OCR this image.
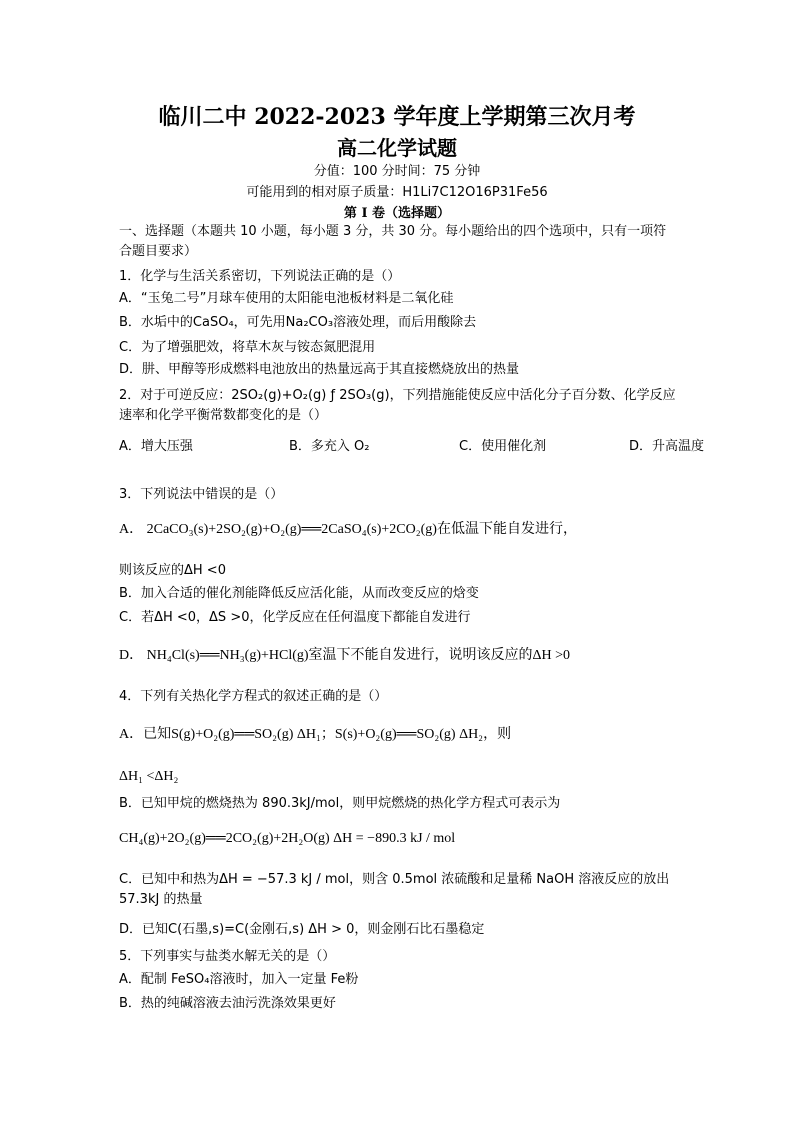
临川二中 2022-2023 学年度上学期第三次月考
高二化学试题
分值：100 分时间：75 分钟
可能用到的相对原子质量：H1Li7C12O16P31Fe56
第 I 卷（选择题）
一、选择题（本题共 10 小题，每小题 3 分，共 30 分。每小题给出的四个选项中，只有一项符合题目要求）
1．化学与生活关系密切，下列说法正确的是（）
A．“玉兔二号”月球车使用的太阳能电池板材料是二氧化硅
B．水垢中的CaSO₄，可先用Na₂CO₃溶液处理，而后用酸除去
C．为了增强肥效，将草木灰与铵态氮肥混用
D．肼、甲醇等形成燃料电池放出的热量远高于其直接燃烧放出的热量
2．对于可逆反应：2SO₂(g)+O₂(g) ƒ 2SO₃(g)，下列措施能使反应中活化分子百分数、化学反应速率和化学平衡常数都变化的是（）
A．增大压强	B．多充入 O₂	C．使用催化剂	D．升高温度
3．下列说法中错误的是（）
A． 2CaCO₃(s)+2SO₂(g)+O₂(g)══2CaSO₄(s)+2CO₂(g)在低温下能自发进行，
则该反应的ΔH <0
B．加入合适的催化剂能降低反应活化能，从而改变反应的焓变
C．若ΔH <0，ΔS >0，化学反应在任何温度下都能自发进行
D． NH₄Cl(s)══NH₃(g)+HCl(g)室温下不能自发进行，说明该反应的ΔH >0
4．下列有关热化学方程式的叙述正确的是（）
A．已知S(g)+O₂(g)══SO₂(g) ΔH₁；S(s)+O₂(g)══SO₂(g) ΔH₂，则
ΔH₁ <ΔH₂
B．已知甲烷的燃烧热为 890.3kJ/mol，则甲烷燃烧的热化学方程式可表示为
CH₄(g)+2O₂(g)══2CO₂(g)+2H₂O(g) ΔH = −890.3 kJ / mol
C．已知中和热为ΔH = −57.3 kJ / mol，则含 0.5mol 浓硫酸和足量稀 NaOH 溶液反应的放出 57.3kJ 的热量
D．已知C(石墨,s)=C(金刚石,s) ΔH > 0，则金刚石比石墨稳定
5．下列事实与盐类水解无关的是（）
A．配制 FeSO₄溶液时，加入一定量 Fe粉
B．热的纯碱溶液去油污洗涤效果更好
